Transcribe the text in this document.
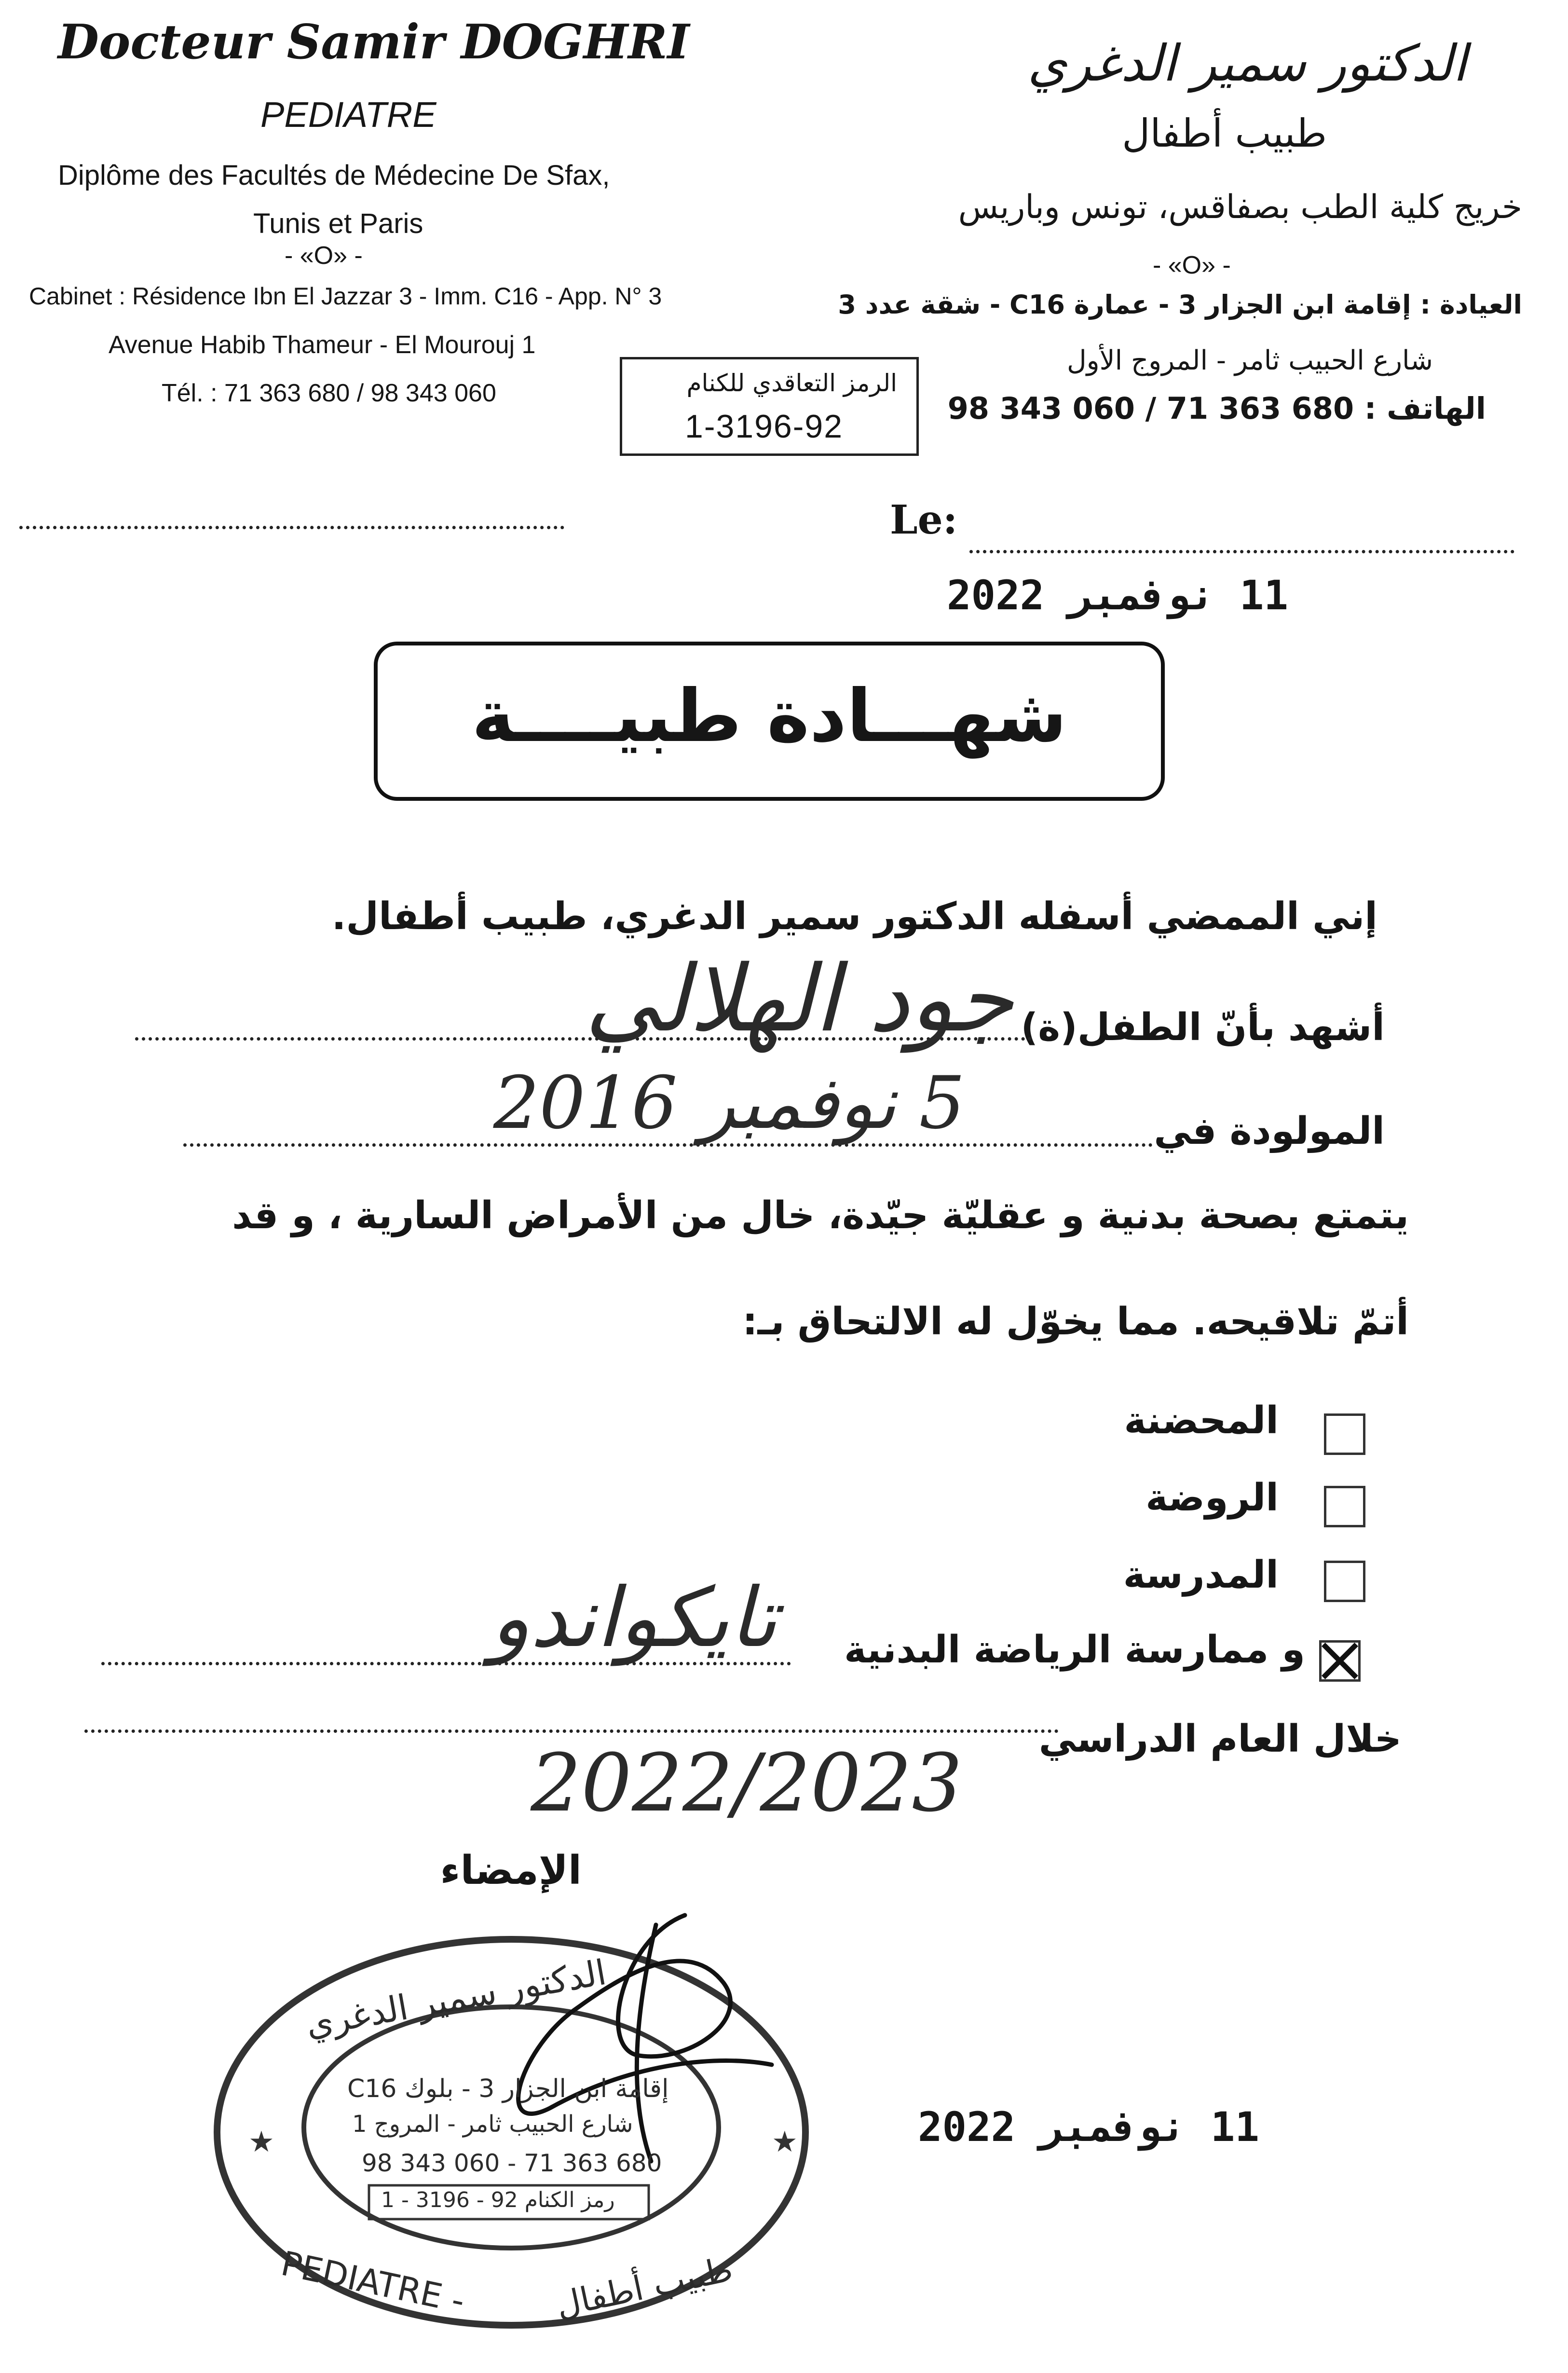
Docteur Samir DOGHRI
PEDIATRE
Diplôme des Facultés de Médecine De Sfax,
Tunis et Paris
- «O» -
Cabinet : Résidence Ibn El Jazzar 3 - Imm. C16 - App. N° 3
Avenue Habib Thameur - El Mourouj 1
Tél. : 71 363 680 / 98 343 060
الدكتور سمير الدغري
طبيب أطفال
خريج كلية الطب بصفاقس، تونس وباريس
- «O» -
العيادة : إقامة ابن الجزار 3 - عمارة C16 - شقة عدد 3
شارع الحبيب ثامر - المروج الأول
الهاتف : 680 363 71 / 060 343 98
الرمز التعاقدي للكنام
1-3196-92
Le:
11 نوفمبر 2022
شهـــادة طبيــــة
إني الممضي أسفله الدكتور سمير الدغري، طبيب أطفال.
أشهد بأنّ الطفل(ة)
جود الهلالي
المولودة في
5 نوفمبر 2016
يتمتع بصحة بدنية و عقليّة جيّدة، خال من الأمراض السارية ، و قد
أتمّ تلاقيحه. مما يخوّل له الالتحاق بـ:
المحضنة
الروضة
المدرسة
و ممارسة الرياضة البدنية
تايكواندو
خلال العام الدراسي
2022/2023
الإمضاء
★	★
الدكتور سمير الدغري
إقامة ابن الجزار 3 - بلوك C16
شارع الحبيب ثامر - المروج 1
98 343 060 - 71 363 680
رمز الكنام 92 - 3196 - 1
PEDIATRE - طبيب أطفال
11 نوفمبر 2022
